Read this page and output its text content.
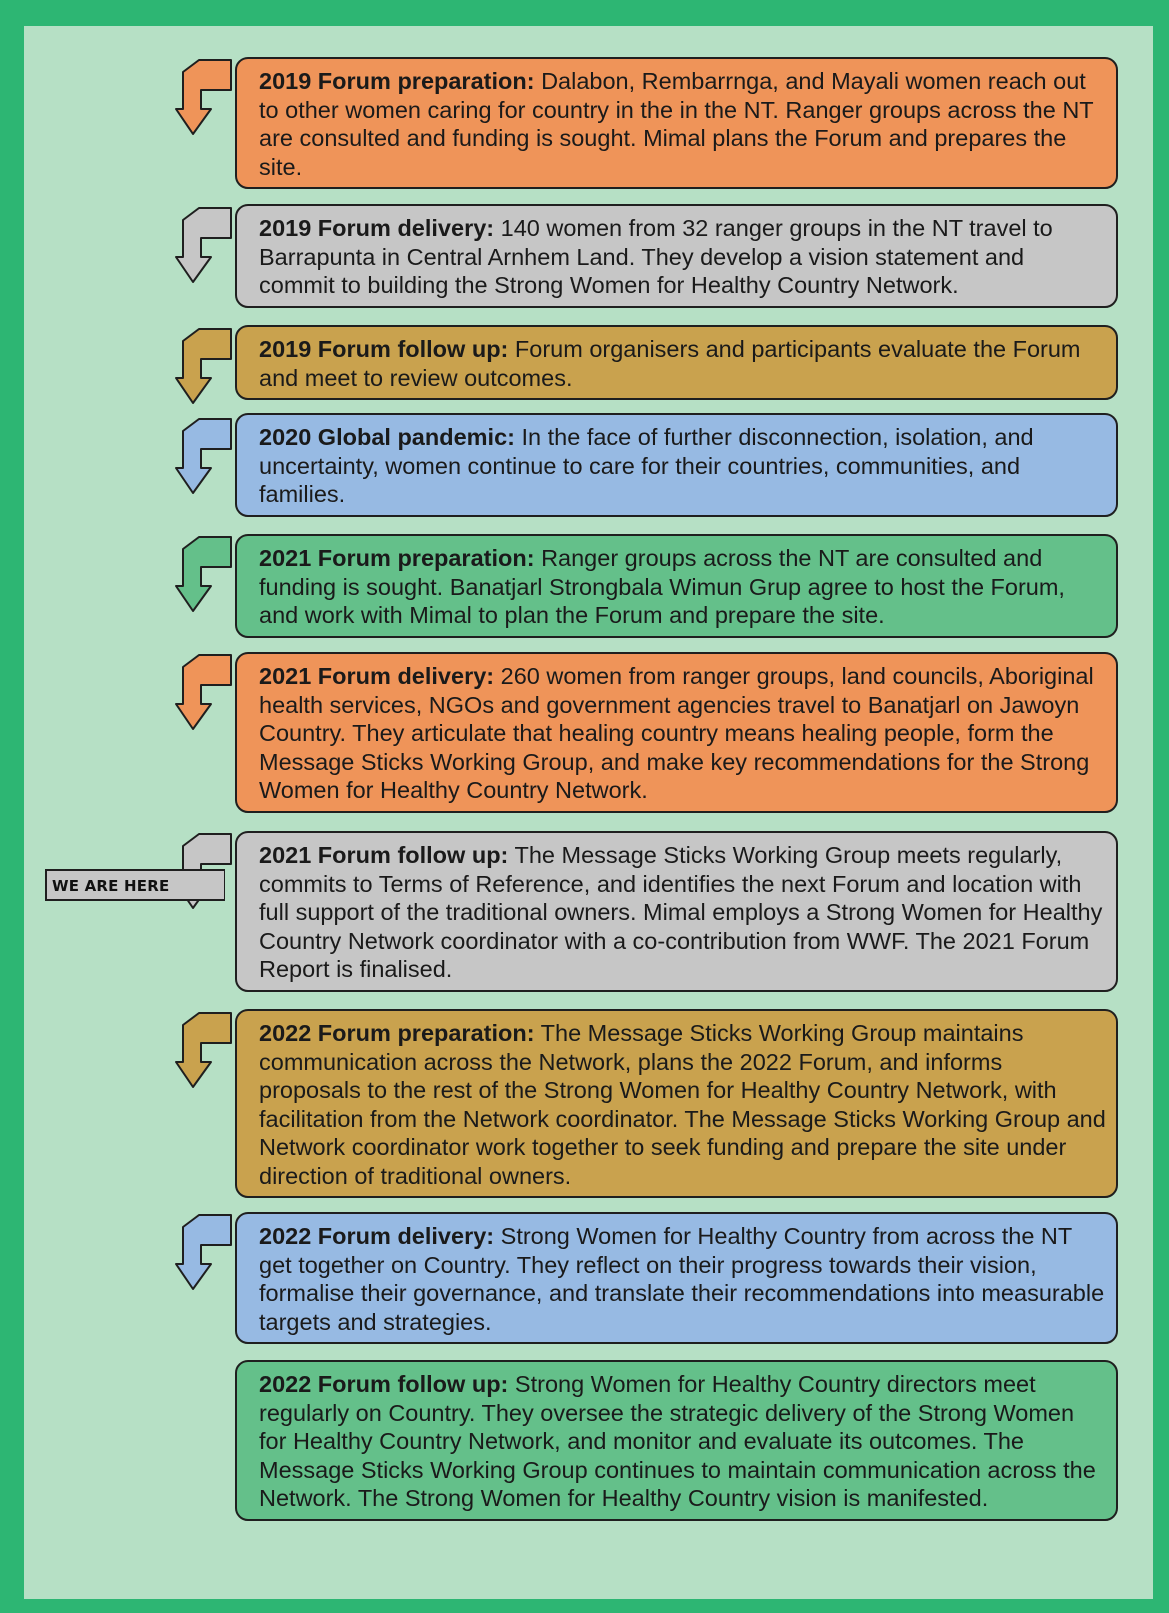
WE ARE HERE
2019 Forum preparation: Dalabon, Rembarrnga, and Mayali women reach out to other women caring for country in the in the NT. Ranger groups across the NT are consulted and funding is sought. Mimal plans the Forum and prepares the site.
2019 Forum delivery: 140 women from 32 ranger groups in the NT travel to Barrapunta in Central Arnhem Land. They develop a vision statement and commit to building the Strong Women for Healthy Country Network.
2019 Forum follow up: Forum organisers and participants evaluate the Forum and meet to review outcomes.
2020 Global pandemic: In the face of further disconnection, isolation, and uncertainty, women continue to care for their countries, communities, and families.
2021 Forum preparation: Ranger groups across the NT are consulted and funding is sought. Banatjarl Strongbala Wimun Grup agree to host the Forum, and work with Mimal to plan the Forum and prepare the site.
2021 Forum delivery: 260 women from ranger groups, land councils, Aboriginal health services, NGOs and government agencies travel to Banatjarl on Jawoyn Country. They articulate that healing country means healing people, form the Message Sticks Working Group, and make key recommendations for the Strong Women for Healthy Country Network.
2021 Forum follow up: The Message Sticks Working Group meets regularly, commits to Terms of Reference, and identifies the next Forum and location with full support of the traditional owners. Mimal employs a Strong Women for Healthy Country Network coordinator with a co-contribution from WWF. The 2021 Forum Report is finalised.
2022 Forum preparation: The Message Sticks Working Group maintains communication across the Network, plans the 2022 Forum, and informs proposals to the rest of the Strong Women for Healthy Country Network, with facilitation from the Network coordinator. The Message Sticks Working Group and Network coordinator work together to seek funding and prepare the site under direction of traditional owners.
2022 Forum delivery: Strong Women for Healthy Country from across the NT get together on Country. They reflect on their progress towards their vision, formalise their governance, and translate their recommendations into measurable targets and strategies.
2022 Forum follow up: Strong Women for Healthy Country directors meet regularly on Country. They oversee the strategic delivery of the Strong Women for Healthy Country Network, and monitor and evaluate its outcomes. The Message Sticks Working Group continues to maintain communication across the Network. The Strong Women for Healthy Country vision is manifested.
